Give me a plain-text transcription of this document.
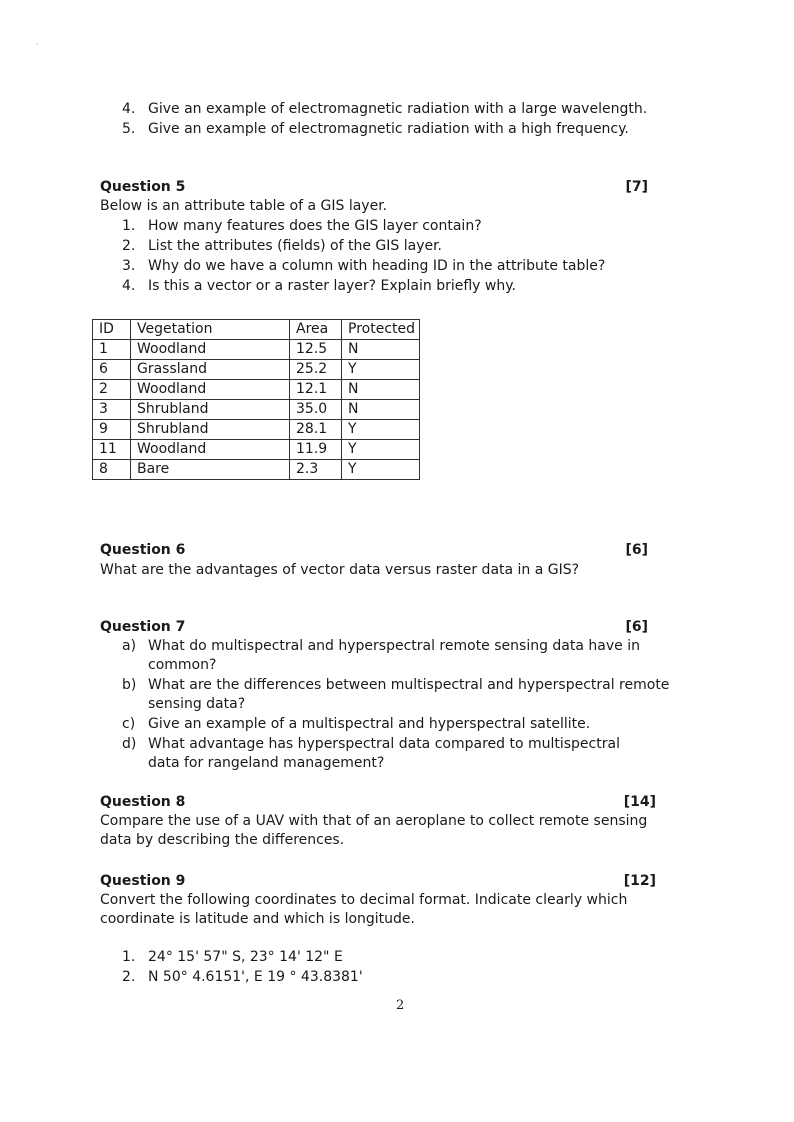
·
4. Give an example of electromagnetic radiation with a large wavelength.
5. Give an example of electromagnetic radiation with a high frequency.
Question 5	[7]
Below is an attribute table of a GIS layer.
1. How many features does the GIS layer contain?
2. List the attributes (fields) of the GIS layer.
3. Why do we have a column with heading ID in the attribute table?
4. Is this a vector or a raster layer? Explain briefly why.
ID	Vegetation	Area	Protected
1	Woodland	12.5	N
6	Grassland	25.2	Y
2	Woodland	12.1	N
3	Shrubland	35.0	N
9	Shrubland	28.1	Y
11	Woodland	11.9	Y
8	Bare	2.3	Y
Question 6	[6]
What are the advantages of vector data versus raster data in a GIS?
Question 7	[6]
a) What do multispectral and hyperspectral remote sensing data have in common?
b) What are the differences between multispectral and hyperspectral remote sensing data?
c) Give an example of a multispectral and hyperspectral satellite.
d) What advantage has hyperspectral data compared to multispectral data for rangeland management?
Question 8	[14]
Compare the use of a UAV with that of an aeroplane to collect remote sensing data by describing the differences.
Question 9	[12]
Convert the following coordinates to decimal format. Indicate clearly which coordinate is latitude and which is longitude.
1. 24° 15' 57" S, 23° 14' 12" E
2. N 50° 4.6151', E 19 ° 43.8381'
2
